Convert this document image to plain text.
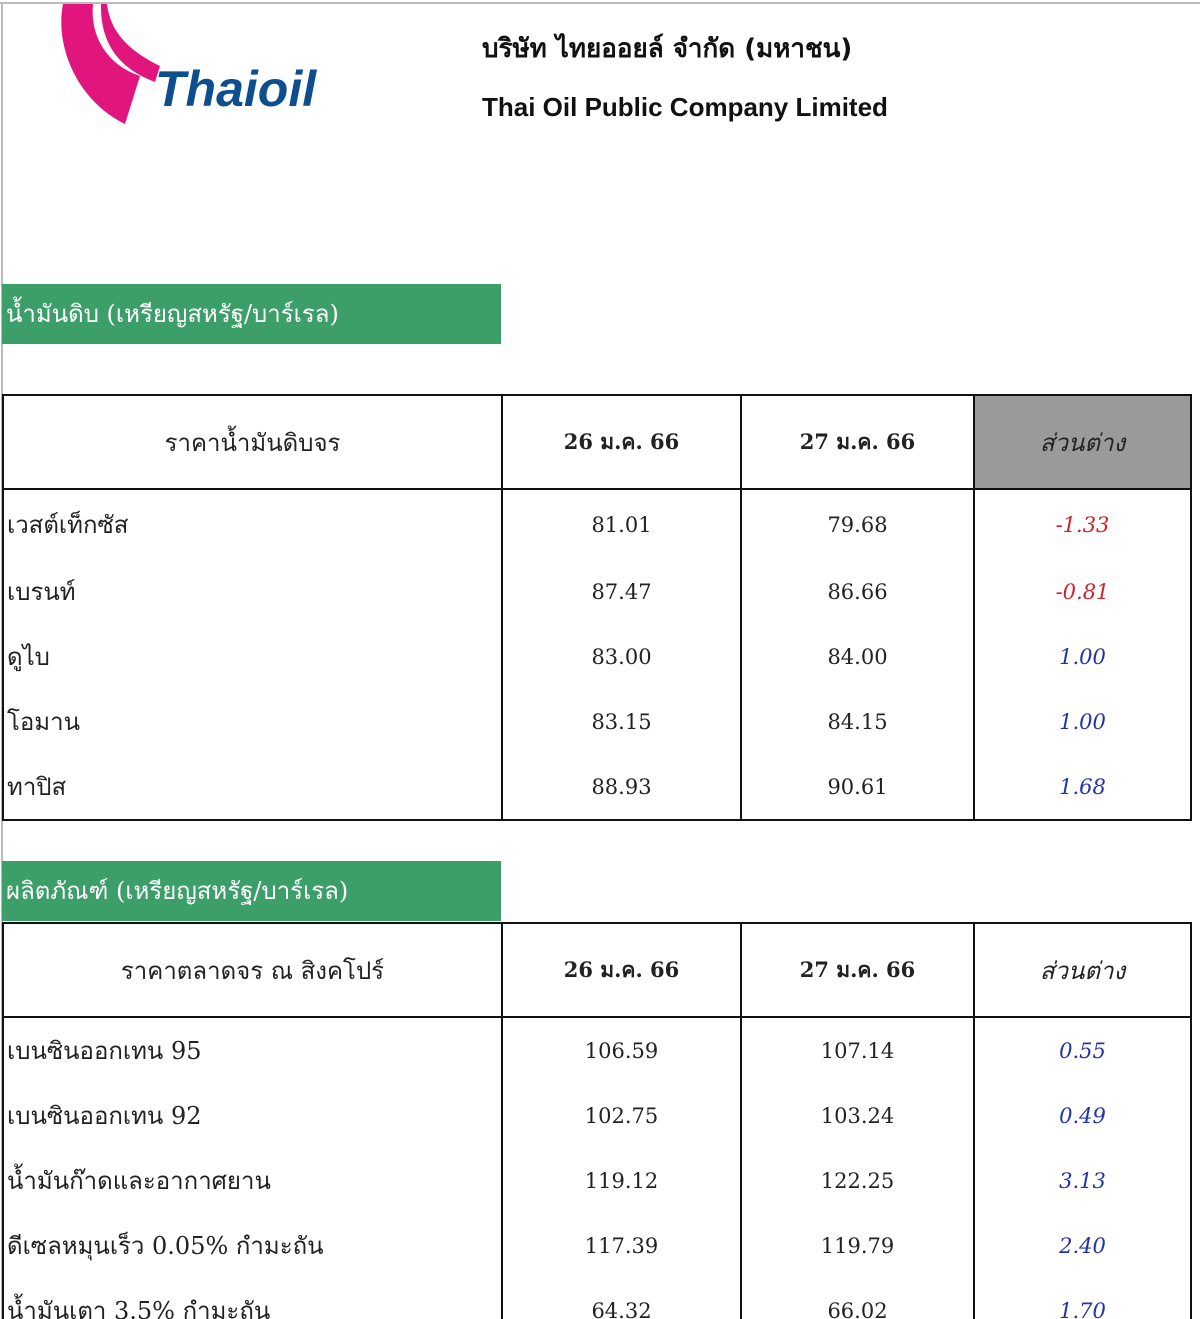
Thaioil
บริษัท ไทยออยล์ จำกัด (มหาชน)
Thai Oil Public Company Limited
น้ำมันดิบ (เหรียญสหรัฐ/บาร์เรล)
ราคาน้ำมันดิบจร	26 ม.ค. 66	27 ม.ค. 66	ส่วนต่าง
เวสต์เท็กซัส	81.01	79.68	-1.33
เบรนท์	87.47	86.66	-0.81
ดูไบ	83.00	84.00	1.00
โอมาน	83.15	84.15	1.00
ทาปิส	88.93	90.61	1.68
ผลิตภัณฑ์ (เหรียญสหรัฐ/บาร์เรล)
ราคาตลาดจร ณ สิงคโปร์	26 ม.ค. 66	27 ม.ค. 66	ส่วนต่าง
เบนซินออกเทน 95	106.59	107.14	0.55
เบนซินออกเทน 92	102.75	103.24	0.49
น้ำมันก๊าดและอากาศยาน	119.12	122.25	3.13
ดีเซลหมุนเร็ว 0.05% กำมะถัน	117.39	119.79	2.40
น้ำมันเตา 3.5% กำมะถัน	64.32	66.02	1.70
